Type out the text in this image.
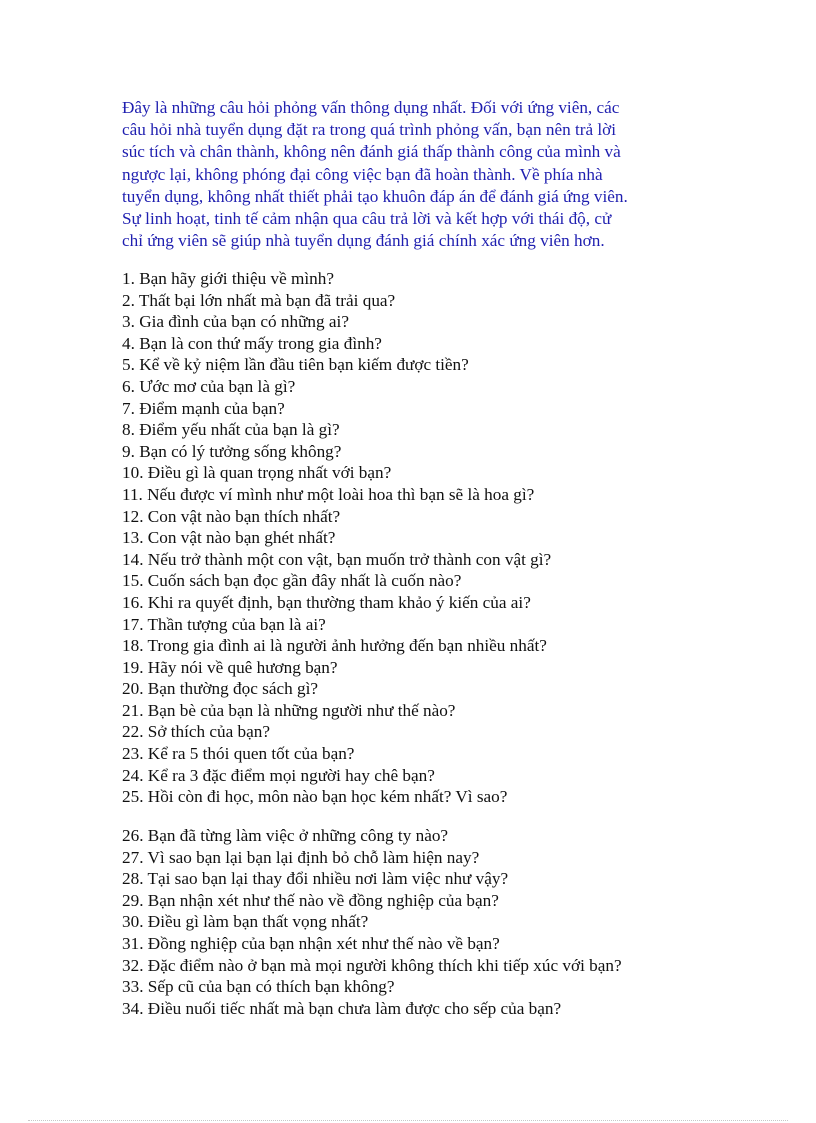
Đây là những câu hỏi phỏng vấn thông dụng nhất. Đối với ứng viên, các
câu hỏi nhà tuyển dụng đặt ra trong quá trình phỏng vấn, bạn nên trả lời
súc tích và chân thành, không nên đánh giá thấp thành công của mình và
ngược lại, không phóng đại công việc bạn đã hoàn thành. Về phía nhà
tuyển dụng, không nhất thiết phải tạo khuôn đáp án để đánh giá ứng viên.
Sự linh hoạt, tinh tế cảm nhận qua câu trả lời và kết hợp với thái độ, cử
chỉ ứng viên sẽ giúp nhà tuyển dụng đánh giá chính xác ứng viên hơn.

1. Bạn hãy giới thiệu về mình?
2. Thất bại lớn nhất mà bạn đã trải qua?
3. Gia đình của bạn có những ai?
4. Bạn là con thứ mấy trong gia đình?
5. Kể về kỷ niệm lần đầu tiên bạn kiếm được tiền?
6. Ước mơ của bạn là gì?
7. Điểm mạnh của bạn?
8. Điểm yếu nhất của bạn là gì?
9. Bạn có lý tưởng sống không?
10. Điều gì là quan trọng nhất với bạn?
11. Nếu được ví mình như một loài hoa thì bạn sẽ là hoa gì?
12. Con vật nào bạn thích nhất?
13. Con vật nào bạn ghét nhất?
14. Nếu trở thành một con vật, bạn muốn trở thành con vật gì?
15. Cuốn sách bạn đọc gần đây nhất là cuốn nào?
16. Khi ra quyết định, bạn thường tham khảo ý kiến của ai?
17. Thần tượng của bạn là ai?
18. Trong gia đình ai là người ảnh hưởng đến bạn nhiều nhất?
19. Hãy nói về quê hương bạn?
20. Bạn thường đọc sách gì?
21. Bạn bè của bạn là những người như thế nào?
22. Sở thích của bạn?
23. Kể ra 5 thói quen tốt của bạn?
24. Kể ra 3 đặc điểm mọi người hay chê bạn?
25. Hồi còn đi học, môn nào bạn học kém nhất? Vì sao?
26. Bạn đã từng làm việc ở những công ty nào?
27. Vì sao bạn lại bạn lại định bỏ chỗ làm hiện nay?
28. Tại sao bạn lại thay đổi nhiều nơi làm việc như vậy?
29. Bạn nhận xét như thế nào về đồng nghiệp của bạn?
30. Điều gì làm bạn thất vọng nhất?
31. Đồng nghiệp của bạn nhận xét như thế nào về bạn?
32. Đặc điểm nào ở bạn mà mọi người không thích khi tiếp xúc với bạn?
33. Sếp cũ của bạn có thích bạn không?
34. Điều nuối tiếc nhất mà bạn chưa làm được cho sếp của bạn?
